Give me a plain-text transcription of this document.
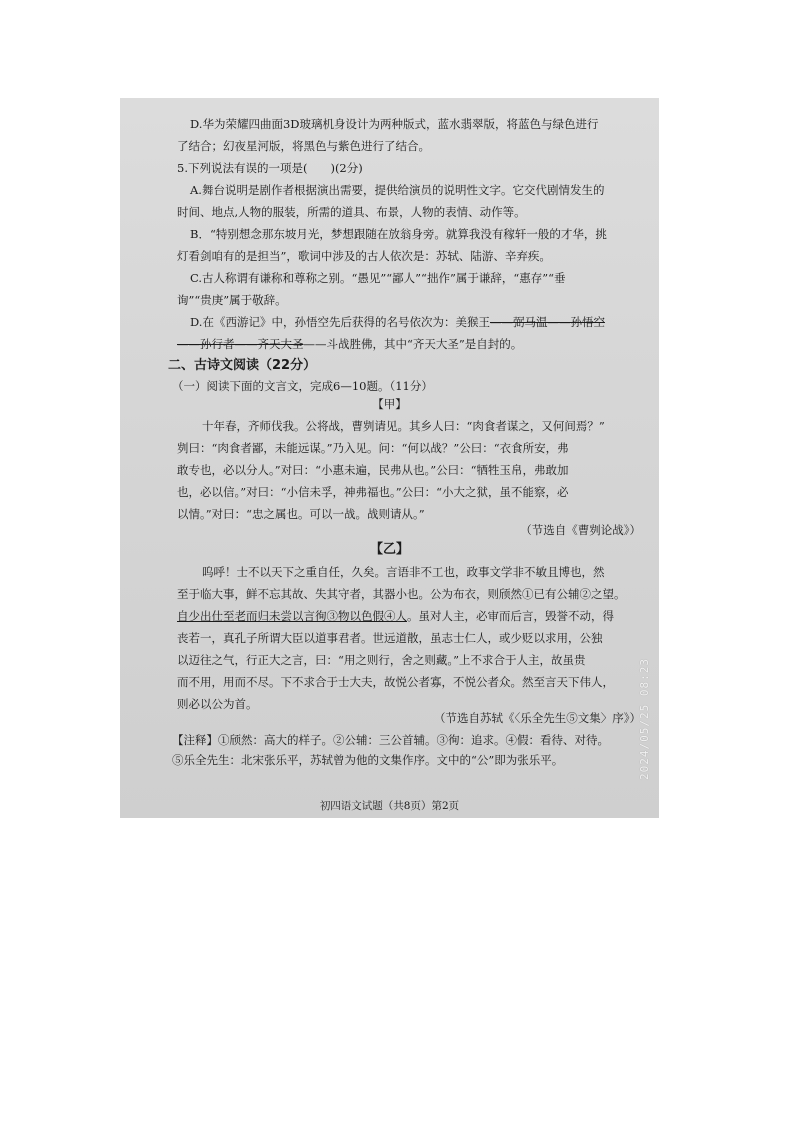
D.华为荣耀四曲面3D玻璃机身设计为两种版式，蓝水翡翠版，将蓝色与绿色进行
了结合；幻夜星河版，将黑色与紫色进行了结合。
5.下列说法有误的一项是(　　)(2分)
A.舞台说明是剧作者根据演出需要，提供给演员的说明性文字。它交代剧情发生的
时间、地点,人物的服装，所需的道具、布景，人物的表情、动作等。
B．“特别想念那东坡月光，梦想跟随在放翁身旁。就算我没有稼轩一般的才华，挑
灯看剑咱有的是担当”，歌词中涉及的古人依次是：苏轼、陆游、辛弃疾。
C.古人称谓有谦称和尊称之别。“愚见”“鄙人”“拙作”属于谦辞，“惠存”“垂
询”“贵庚”属于敬辞。
D.在《西游记》中，孙悟空先后获得的名号依次为：美猴王——弼马温——孙悟空
——孙行者——齐天大圣——斗战胜佛，其中“齐天大圣”是自封的。
二、古诗文阅读（22分）
（一）阅读下面的文言文，完成6—10题。（11分）
【甲】
十年春，齐师伐我。公将战，曹刿请见。其乡人曰：“肉食者谋之，又何间焉？”
刿曰：“肉食者鄙，未能远谋。”乃入见。问：“何以战？”公曰：“衣食所安，弗
敢专也，必以分人。”对曰：“小惠未遍，民弗从也。”公曰：“牺牲玉帛，弗敢加
也，必以信。”对曰：“小信未孚，神弗福也。”公曰：“小大之狱，虽不能察，必
以情。”对曰：“忠之属也。可以一战。战则请从。”
（节选自《曹刿论战》）
【乙】
呜呼！士不以天下之重自任，久矣。言语非不工也，政事文学非不敏且博也，然
至于临大事，鲜不忘其故、失其守者，其器小也。公为布衣，则颀然①已有公辅②之望。
自少出仕至老而归未尝以言徇③物以色假④人。虽对人主，必审而后言，毁誉不动，得
丧若一，真孔子所谓大臣以道事君者。世远道散，虽志士仁人，或少贬以求用，公独
以迈往之气，行正大之言，曰：“用之则行，舍之则藏。”上不求合于人主，故虽贵
而不用，用而不尽。下不求合于士大夫，故悦公者寡，不悦公者众。然至言天下伟人，
则必以公为首。
（节选自苏轼《〈乐全先生⑤文集〉序》）
【注释】①颀然：高大的样子。②公辅：三公首辅。③徇：追求。④假：看待、对待。
⑤乐全先生：北宋张乐平，苏轼曾为他的文集作序。文中的“公”即为张乐平。
初四语文试题（共8页）第2页
2024/05/25 08:23
